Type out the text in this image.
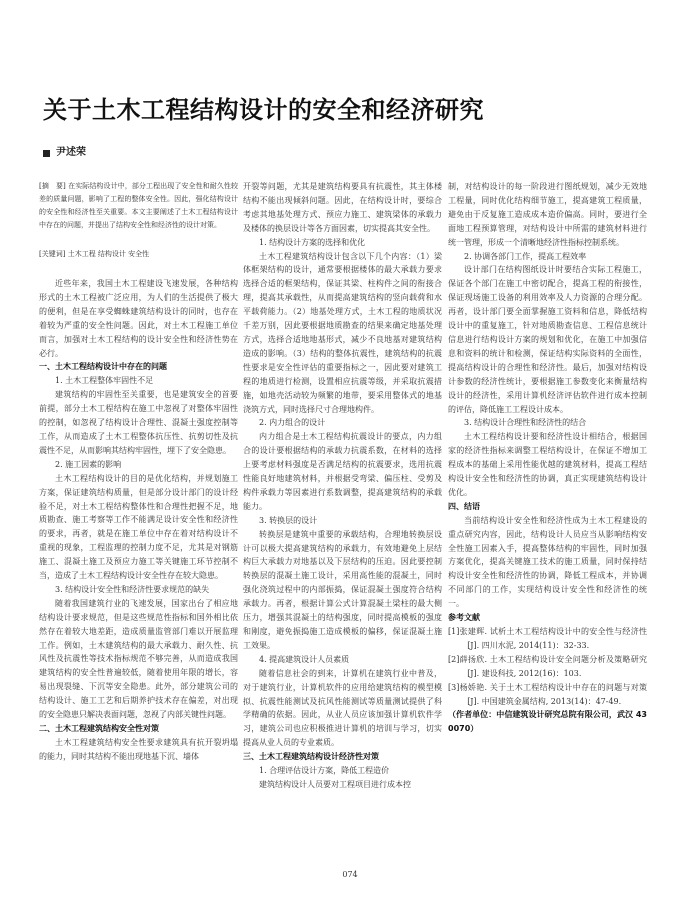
关于土木工程结构设计的安全和经济研究
尹述荣

[摘　要] 在实际结构设计中，部分工程出现了安全性和耐久性较差的质量问题，影响了工程的整体安全性。因此，强化结构设计的安全性和经济性至关重要。本文主要阐述了土木工程结构设计中存在的问题，并提出了结构安全性和经济性的设计对策。

[关键词] 土木工程 结构设计 安全性

近些年来，我国土木工程建设飞速发展，各种结构形式的土木工程被广泛应用，为人们的生活提供了极大的便利，但是在享受蜘蛛建筑结构设计的同时，也存在着较为严重的安全性问题。因此，对土木工程施工单位而言，加强对土木工程结构的设计安全性和经济性势在必行。

一、土木工程结构设计中存在的问题

1. 土木工程整体牢固性不足

建筑结构的牢固性至关重要，也是建筑安全的首要前提，部分土木工程结构在施工中忽视了对整体牢固性的控制，如忽视了结构设计合理性、混凝土强度控制等工作，从而造成了土木工程整体抗压性、抗剪切性及抗震性不足，从而影响其结构牢固性，埋下了安全隐患。

2. 施工因素的影响

土木工程结构设计的目的是优化结构，并规划施工方案，保证建筑结构质量，但是部分设计部门的设计经验不足，对土木工程结构整体性和合理性把握不足，地质勘查、施工考察等工作不能满足设计安全性和经济性的要求，再者，就是在施工单位中存在着对结构设计不重视的现象，工程监理的控制力度不足，尤其是对钢筋施工、混凝土施工及预应力施工等关键施工环节控制不当，造成了土木工程结构设计安全性存在较大隐患。

3. 结构设计安全性和经济性要求规范的缺失

随着我国建筑行业的飞速发展，国家出台了相应地结构设计要求规范，但是这些规范性指标和国外相比依然存在着较大地差距，造成质量监管部门难以开展监理工作。例如，土木建筑结构的最大承载力、耐久性、抗风性及抗震性等技术指标规范不够完善，从而造成我国建筑结构的安全性普遍较低，随着使用年限的增长，容易出现裂缝、下沉等安全隐患。此外，部分建筑公司的结构设计、施工工艺和后期养护技术存在偏差，对出现的安全隐患只解决表面问题，忽视了内部关键性问题。

二、土木工程建筑结构安全性对策

土木工程建筑结构安全性要求建筑具有抗开裂坍塌的能力，同时其结构不能出现地基下沉、墙体

开裂等问题，尤其是建筑结构要具有抗震性，其主体楼结构不能出现倾斜问题。因此，在结构设计时，要综合考虑其地基处理方式、预应力施工、建筑梁体的承载力及楼体的换层设计等各方面因素，切实提高其安全性。

1. 结构设计方案的选择和优化

土木工程建筑结构设计包含以下几个内容：（1）梁体框架结构的设计，通常要根据楼体的最大承载力要求选择合适的框架结构，保证其梁、柱构件之间的衔接合理，提高其承载性，从而提高建筑结构的竖向载荷和水平载荷能力。（2）地基处理方式，土木工程的地质状况千差万别，因此要根据地质勘查的结果来确定地基处理方式，选择合适地地基形式，减少不良地基对建筑结构造成的影响。（3）结构的整体抗震性，建筑结构的抗震性要求是安全性评估的重要指标之一，因此要对建筑工程的地质进行检测，设置相应抗震等级，并采取抗震措施，如地壳活动较为频繁的地带，要采用整体式的地基浇筑方式，同时选择尺寸合理地构件。

2. 内力组合的设计

内力组合是土木工程结构抗震设计的要点，内力组合的设计要根据结构的承载力抗震系数，在材料的选择上要考虑材料强度是否满足结构的抗震要求，选用抗震性能良好地建筑材料，并根据受弯梁、偏压柱、受剪及构件承载力等因素进行系数调整，提高建筑结构的承载能力。

3. 转换层的设计

转换层是建筑中重要的承载结构，合理地转换层设计可以极大提高建筑结构的承载力，有效地避免上层结构巨大承载力对地基以及下层结构的压迫。因此要控制转换层的混凝土施工设计，采用高性能的混凝土，同时强化浇筑过程中的内部振捣，保证混凝土强度符合结构承载力。再者，根据计算公式计算混凝土梁柱的最大侧压力，增强其混凝土的结构强度，同时提高模板的强度和刚度，避免振捣施工造成模板的偏移，保证混凝土施工效果。

4. 提高建筑设计人员素质

随着信息社会的到来，计算机在建筑行业中普及，对于建筑行业，计算机软件的应用给建筑结构的模型模拟、抗震性能测试及抗风性能测试等质量测试提供了科学精确的依据。因此，从业人员应该加强计算机软件学习，建筑公司也应积极推进计算机的培训与学习，切实提高从业人员的专业素质。

三、土木工程建筑结构设计经济性对策

1. 合理评估设计方案，降低工程造价

建筑结构设计人员要对工程项目进行成本控

制，对结构设计的每一阶段进行图纸规划，减少无效地工程量，同时优化结构细节施工，提高建筑工程质量，避免由于反复施工造成成本造价偏高。同时，要进行全面地工程预算管理，对结构设计中所需的建筑材料进行统一管理，形成一个清晰地经济性指标控制系统。

2. 协调各部门工作，提高工程效率

设计部门在结构图纸设计时要结合实际工程施工，保证各个部门在施工中密切配合，提高工程的衔接性，保证现场施工设备的利用效率及人力资源的合理分配。再者，设计部门要全面掌握施工资料和信息，降低结构设计中的重复施工，针对地质勘查信息、工程信息统计信息进行结构设计方案的规划和优化，在施工中加强信息和资料的统计和检测，保证结构实际资料的全面性，提高结构设计的合理性和经济性。最后，加强对结构设计参数的经济性统计，要根据施工参数变化来衡量结构设计的经济性，采用计算机经济评估软件进行成本控制的评估，降低施工工程设计成本。

3. 结构设计合理性和经济性的结合

土木工程结构设计要和经济性设计相结合，根据国家的经济性指标来调整工程结构设计，在保证不增加工程成本的基础上采用性能优越的建筑材料，提高工程结构设计安全性和经济性的协调，真正实现建筑结构设计优化。

四、结语

当前结构设计安全性和经济性成为土木工程建设的重点研究内容，因此，结构设计人员应当从影响结构安全性施工因素入手，提高整体结构的牢固性，同时加强方案优化，提高关键施工技术的施工质量，同时保持结构设计安全性和经济性的协调，降低工程成本，并协调不同部门的工作，实现结构设计安全性和经济性的统一。

参考文献

[1]张建辉. 试析土木工程结构设计中的安全性与经济性[J]. 四川水泥, 2014(11)：32-33.

[2]薛扬欣. 土木工程结构设计安全问题分析及策略研究[J]. 建设科技, 2012(16)：103.

[3]杨娇艳. 关于土木工程结构设计中存在的问题与对策[J]. 中国建筑金属结构, 2013(14)：47-49.

（作者单位：中信建筑设计研究总院有限公司，武汉 430070）

074
